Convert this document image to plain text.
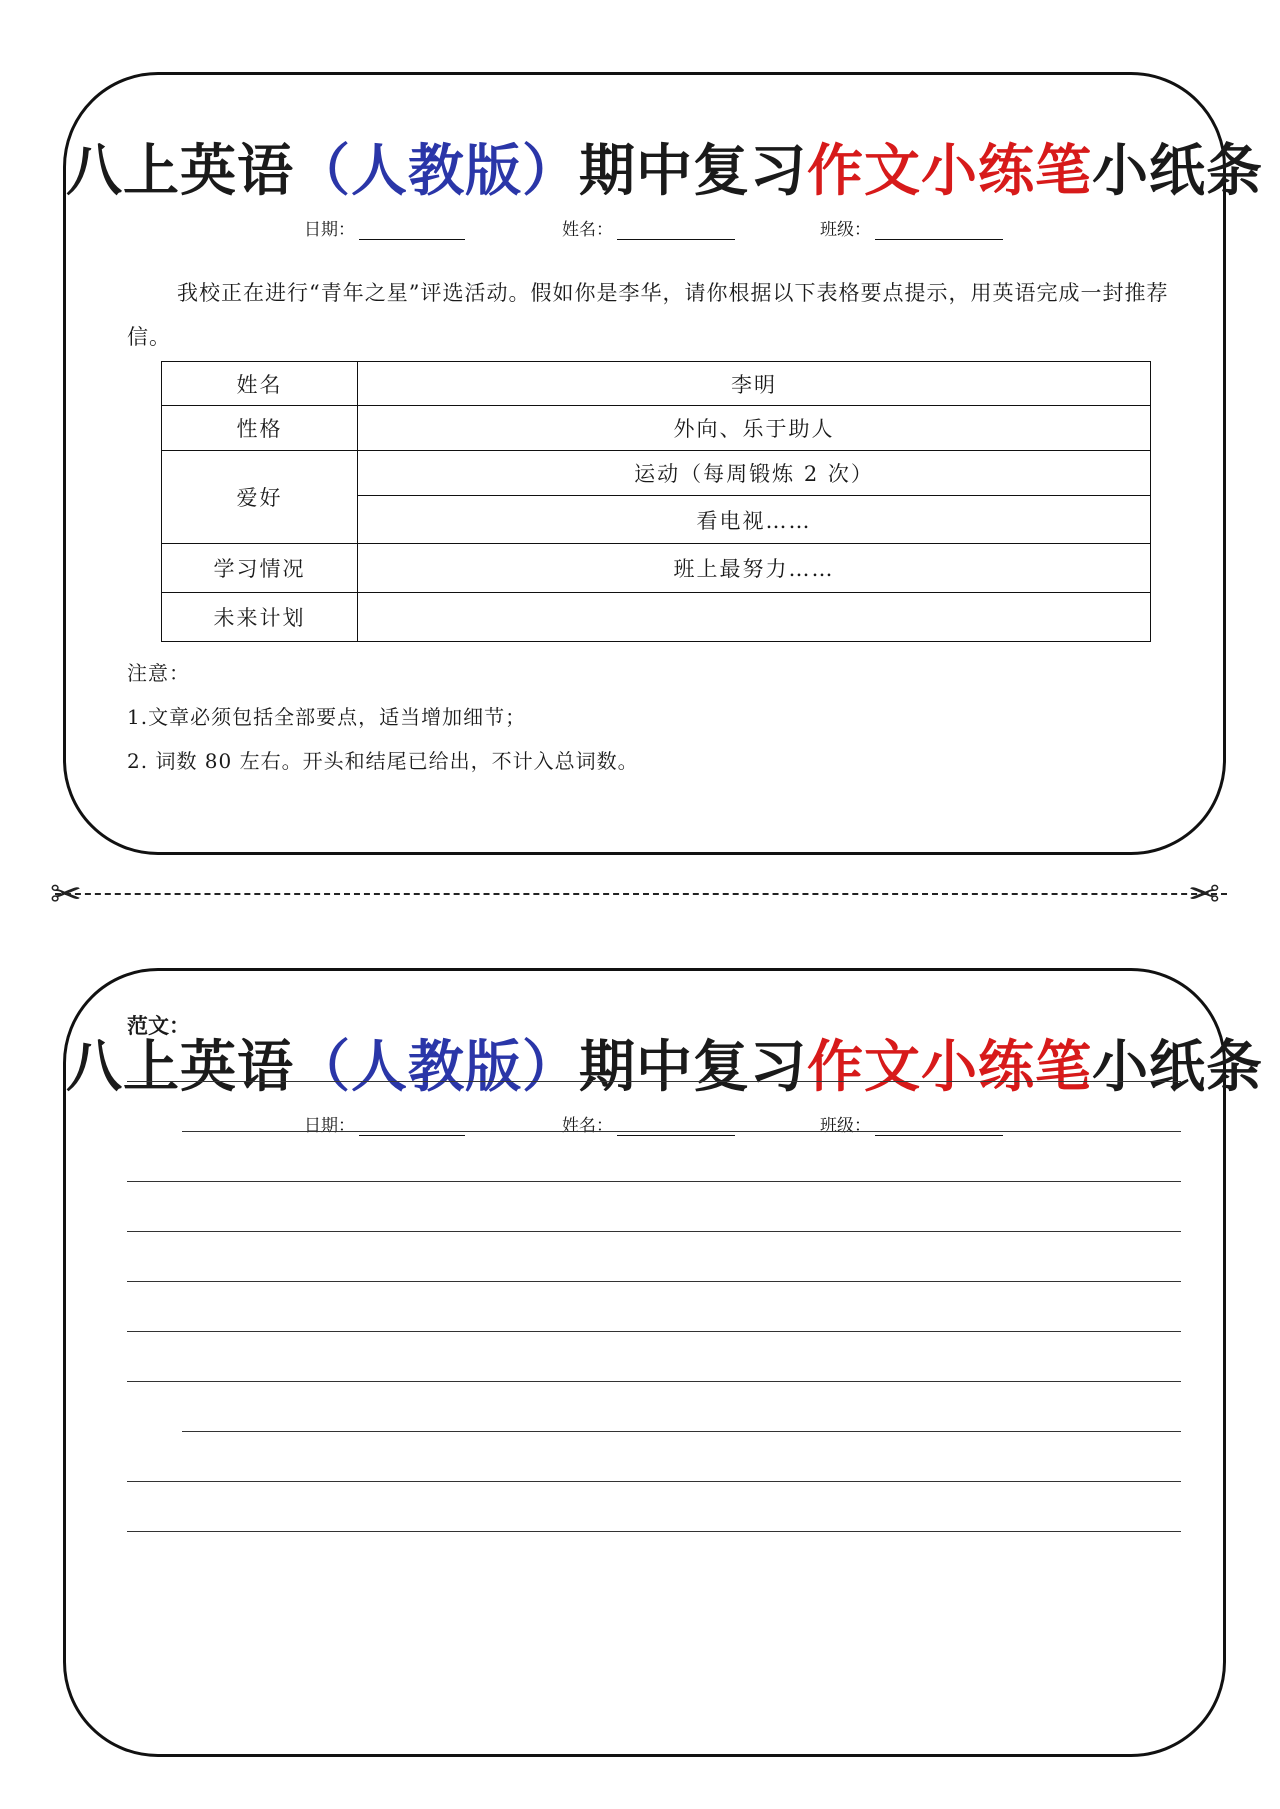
八上英语（人教版）期中复习作文小练笔小纸条
日期：	姓名：	班级：
我校正在进行“青年之星”评选活动。假如你是李华，请你根据以下表格要点提示，用英语完成一封推荐信。
姓名	李明
性格	外向、乐于助人
爱好	运动（每周锻炼 2 次）
	看电视……
学习情况	班上最努力……
未来计划	
注意：
1.文章必须包括全部要点，适当增加细节；
2. 词数 80 左右。开头和结尾已给出，不计入总词数。
✂	✂
八上英语（人教版）期中复习作文小练笔小纸条
日期：	姓名：	班级：
范文：
